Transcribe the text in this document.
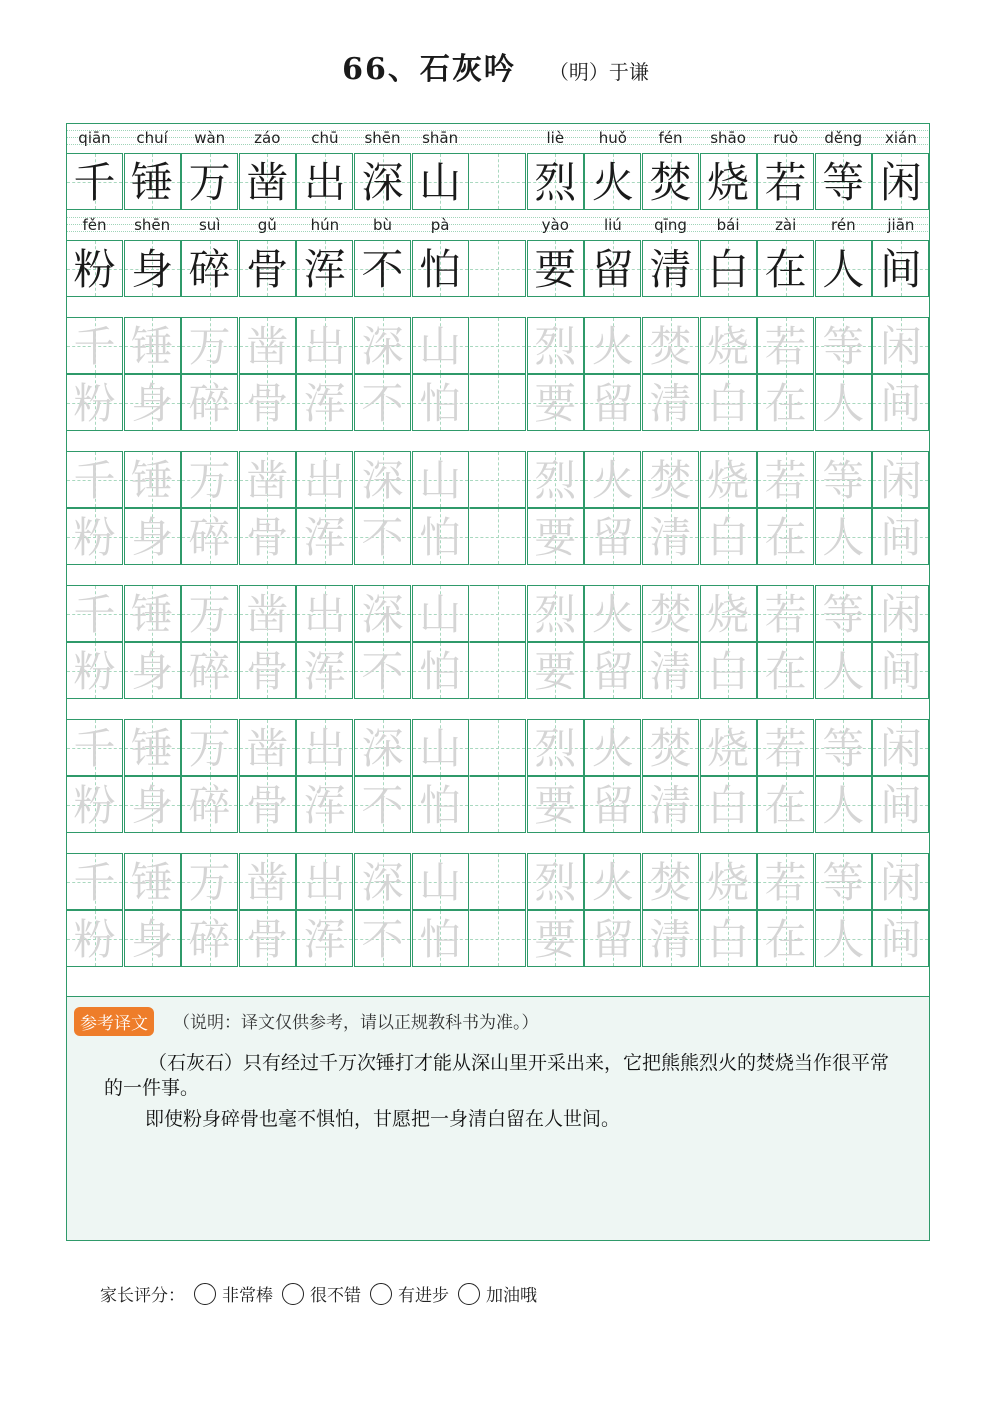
66、石灰吟 （明）于谦
qiān	chuí	wàn	záo	chū	shēn	shān	liè	huǒ	fén	shāo	ruò	děng	xián
千 锤 万 凿 出 深 山 烈 火 焚 烧 若 等 闲
fěn	shēn	suì	gǔ	hún	bù	pà	yào	liú	qīng	bái	zài	rén	jiān
粉 身 碎 骨 浑 不 怕 要 留 清 白 在 人 间
千 锤 万 凿 出 深 山 烈 火 焚 烧 若 等 闲
粉 身 碎 骨 浑 不 怕 要 留 清 白 在 人 间
千 锤 万 凿 出 深 山 烈 火 焚 烧 若 等 闲
粉 身 碎 骨 浑 不 怕 要 留 清 白 在 人 间
千 锤 万 凿 出 深 山 烈 火 焚 烧 若 等 闲
粉 身 碎 骨 浑 不 怕 要 留 清 白 在 人 间
千 锤 万 凿 出 深 山 烈 火 焚 烧 若 等 闲
粉 身 碎 骨 浑 不 怕 要 留 清 白 在 人 间
千 锤 万 凿 出 深 山 烈 火 焚 烧 若 等 闲
粉 身 碎 骨 浑 不 怕 要 留 清 白 在 人 间
参考译文	（说明：译文仅供参考，请以正规教科书为准。）
（石灰石）只有经过千万次锤打才能从深山里开采出来，它把熊熊烈火的焚烧当作很平常的一件事。
即使粉身碎骨也毫不惧怕，甘愿把一身清白留在人世间。
家长评分： 非常棒 很不错 有进步 加油哦
